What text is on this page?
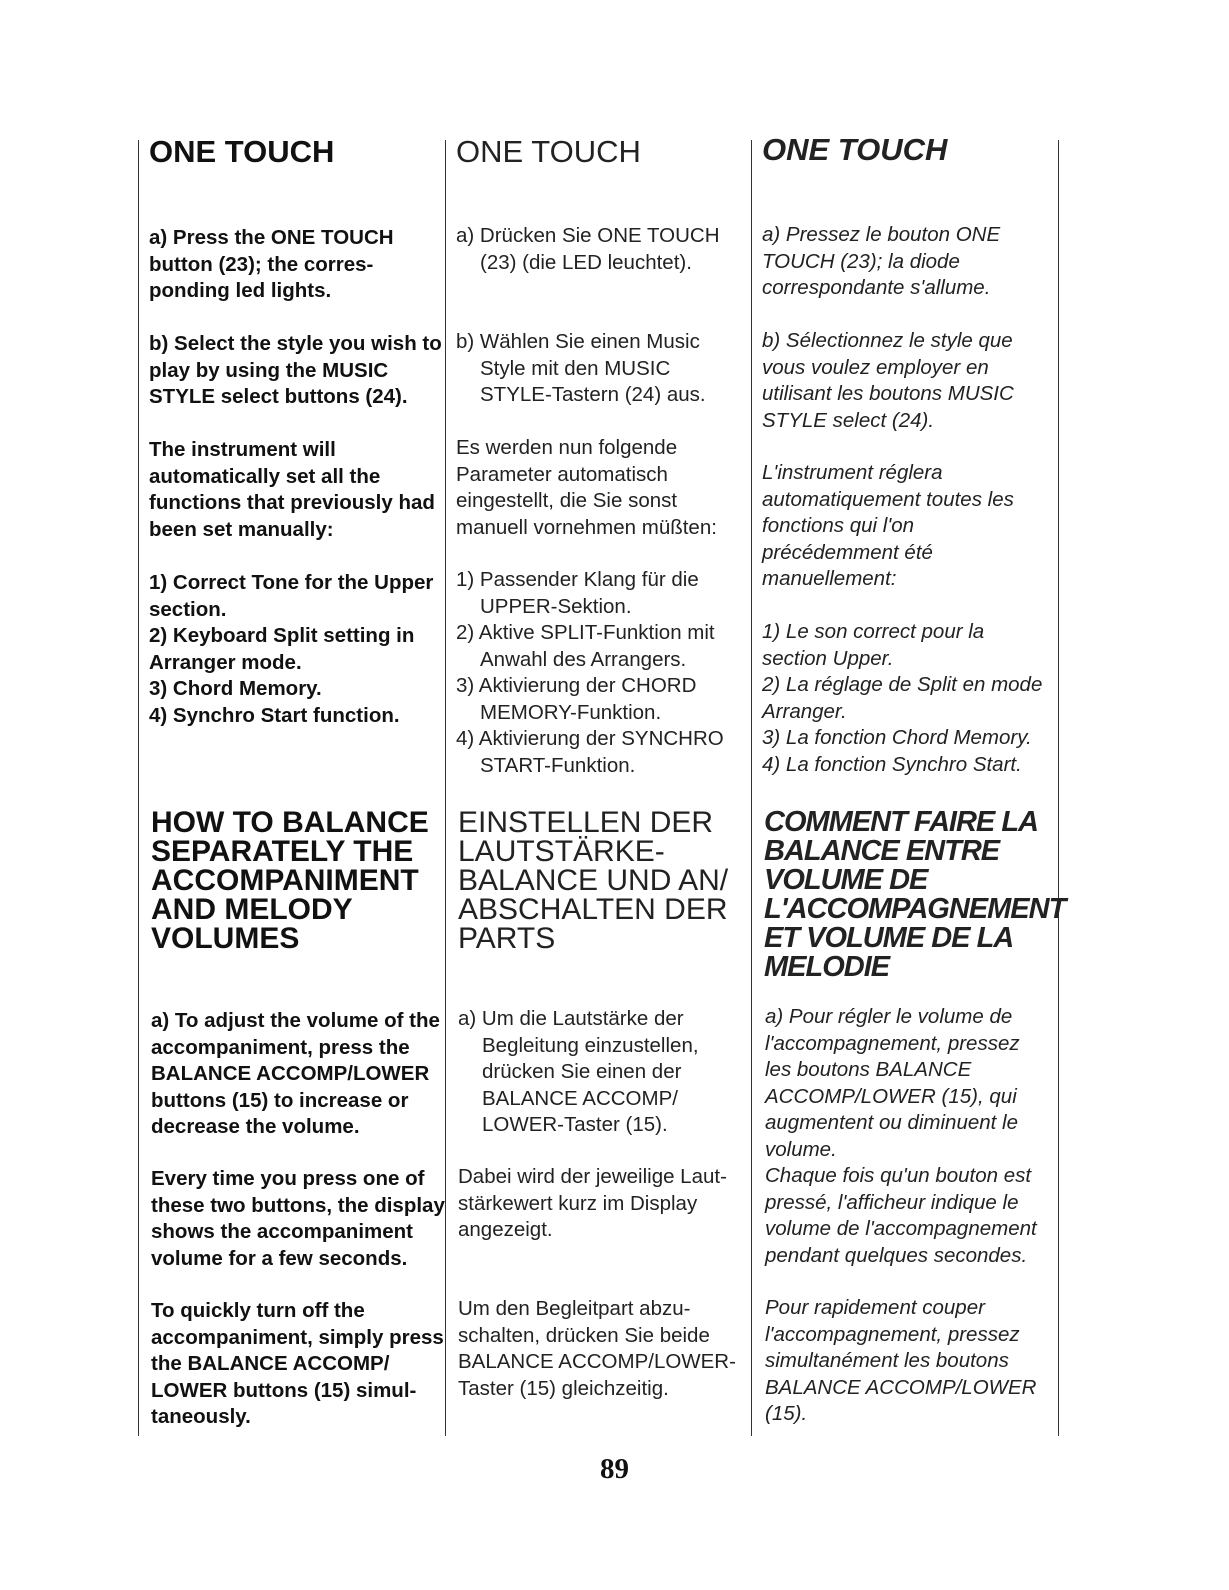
ONE TOUCH

a) Press the ONE TOUCH
button (23); the corres-
ponding led lights.

b) Select the style you wish to
play by using the MUSIC
STYLE select buttons (24).

The instrument will
automatically set all the
functions that previously had
been set manually:

1) Correct Tone for the Upper
section.
2) Keyboard Split setting in
Arranger mode.
3) Chord Memory.
4) Synchro Start function.

HOW TO BALANCE
SEPARATELY THE
ACCOMPANIMENT
AND MELODY
VOLUMES

a) To adjust the volume of the
accompaniment, press the
BALANCE ACCOMP/LOWER
buttons (15) to increase or
decrease the volume.

Every time you press one of
these two buttons, the display
shows the accompaniment
volume for a few seconds.

To quickly turn off the
accompaniment, simply press
the BALANCE ACCOMP/
LOWER buttons (15) simul-
taneously.

ONE TOUCH

a) Drücken Sie ONE TOUCH
(23) (die LED leuchtet).

b) Wählen Sie einen Music
Style mit den MUSIC
STYLE-Tastern (24) aus.

Es werden nun folgende
Parameter automatisch
eingestellt, die Sie sonst
manuell vornehmen müßten:

1) Passender Klang für die
UPPER-Sektion.
2) Aktive SPLIT-Funktion mit
Anwahl des Arrangers.
3) Aktivierung der CHORD
MEMORY-Funktion.
4) Aktivierung der SYNCHRO
START-Funktion.

EINSTELLEN DER
LAUTSTÄRKE-
BALANCE UND AN/
ABSCHALTEN DER
PARTS

a) Um die Lautstärke der
Begleitung einzustellen,
drücken Sie einen der
BALANCE ACCOMP/
LOWER-Taster (15).

Dabei wird der jeweilige Laut-
stärkewert kurz im Display
angezeigt.

Um den Begleitpart abzu-
schalten, drücken Sie beide
BALANCE ACCOMP/LOWER-
Taster (15) gleichzeitig.

ONE TOUCH

a) Pressez le bouton ONE
TOUCH (23); la diode
correspondante s'allume.

b) Sélectionnez le style que
vous voulez employer en
utilisant les boutons MUSIC
STYLE select (24).

L'instrument réglera
automatiquement toutes les
fonctions qui l'on
précédemment été
manuellement:

1) Le son correct pour la
section Upper.
2) La réglage de Split en mode
Arranger.
3) La fonction Chord Memory.
4) La fonction Synchro Start.

COMMENT FAIRE LA
BALANCE ENTRE
VOLUME DE
L'ACCOMPAGNEMENT
ET VOLUME DE LA
MELODIE

a) Pour régler le volume de
l'accompagnement, pressez
les boutons BALANCE
ACCOMP/LOWER (15), qui
augmentent ou diminuent le
volume.

Chaque fois qu'un bouton est
pressé, l'afficheur indique le
volume de l'accompagnement
pendant quelques secondes.

Pour rapidement couper
l'accompagnement, pressez
simultanément les boutons
BALANCE ACCOMP/LOWER
(15).

89
